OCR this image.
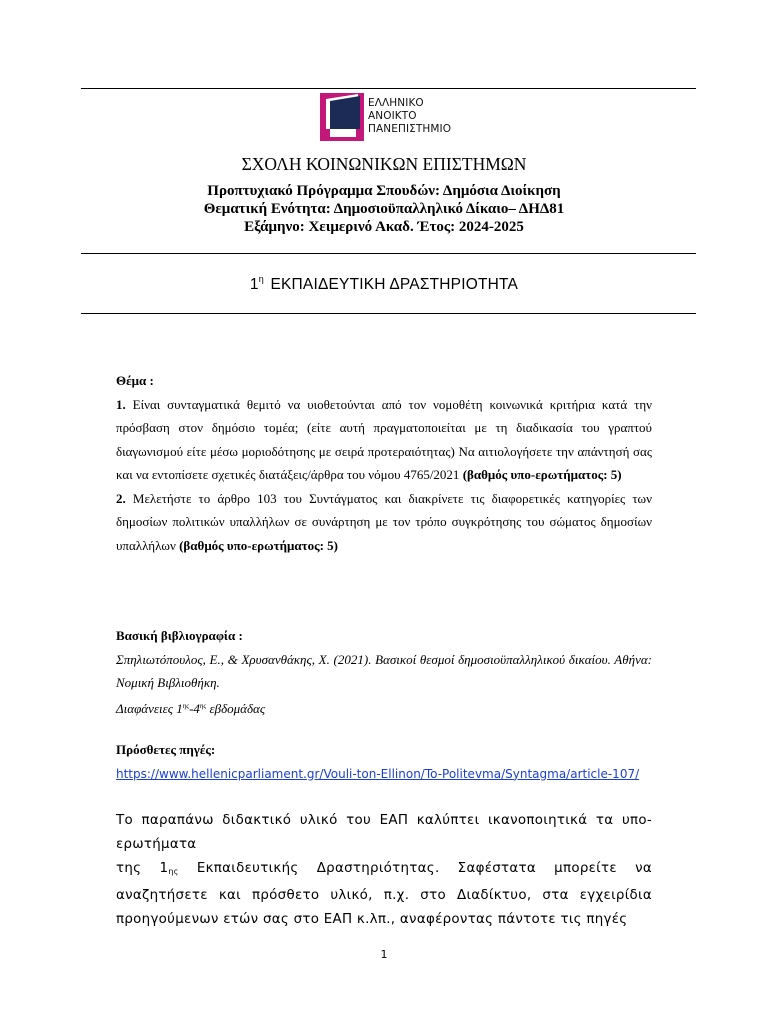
ΕΛΛΗΝΙΚΟ
ΑΝΟΙΚΤΟ
ΠΑΝΕΠΙΣΤΗΜΙΟ
ΣΧΟΛΗ ΚΟΙΝΩΝΙΚΩΝ ΕΠΙΣΤΗΜΩΝ
Προπτυχιακό Πρόγραμμα Σπουδών: Δημόσια Διοίκηση
Θεματική Ενότητα: Δημοσιοϋπαλληλικό Δίκαιο– ΔΗΔ81
Εξάμηνο: Χειμερινό Ακαδ. Έτος: 2024-2025
$1^\eta$ ΕΚΠΑΙΔΕΥΤΙΚΗ ΔΡΑΣΤΗΡΙΟΤΗΤΑ
Θέμα :
1. Είναι συνταγματικά θεμιτό να υιοθετούνται από τον νομοθέτη κοινωνικά κριτήρια κατά την πρόσβαση στον δημόσιο τομέα; (είτε αυτή πραγματοποιείται με τη διαδικασία του γραπτού διαγωνισμού είτε μέσω μοριοδότησης με σειρά προτεραιότητας) Να αιτιολογήσετε την απάντησή σας και να εντοπίσετε σχετικές διατάξεις/άρθρα του νόμου 4765/2021 (βαθμός υπο-ερωτήματος: 5)
2. Μελετήστε το άρθρο 103 του Συντάγματος και διακρίνετε τις διαφορετικές κατηγορίες των δημοσίων πολιτικών υπαλλήλων σε συνάρτηση με τον τρόπο συγκρότησης του σώματος δημοσίων υπαλλήλων (βαθμός υπο-ερωτήματος: 5)
Βασική βιβλιογραφία :
Σπηλιωτόπουλος, Ε., & Χρυσανθάκης, Χ. (2021). Βασικοί θεσμοί δημοσιοϋπαλληλικού δικαίου. Αθήνα: Νομική Βιβλιοθήκη.
Διαφάνειες $1^{\eta\varsigma}-4^{\eta\varsigma}$ εβδομάδας
Πρόσθετες πηγές:
https://www.hellenicparliament.gr/Vouli-ton-Ellinon/To-Politevma/Syntagma/article-107/
Το παραπάνω διδακτικό υλικό του ΕΑΠ καλύπτει ικανοποιητικά τα υπο-ερωτήματα
της $1_{\eta\varsigma}$ Εκπαιδευτικής Δραστηριότητας. Σαφέστατα μπορείτε να αναζητήσετε και πρόσθετο υλικό, π.χ. στο Διαδίκτυο, στα εγχειρίδια προηγούμενων ετών σας στο ΕΑΠ κ.λπ., αναφέροντας πάντοτε τις πηγές
1
